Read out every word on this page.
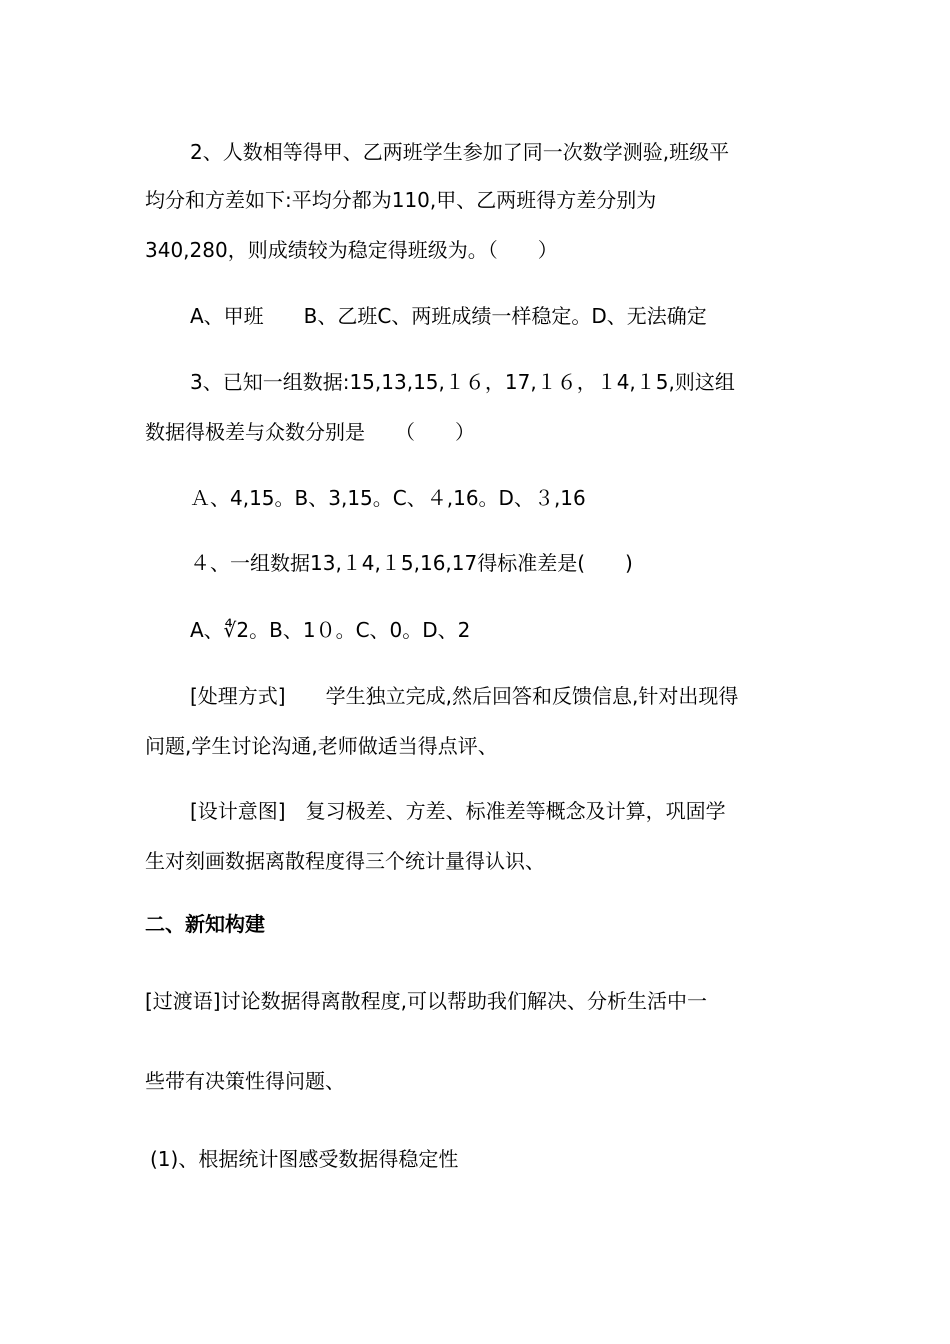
2、人数相等得甲、乙两班学生参加了同一次数学测验,班级平
均分和方差如下:平均分都为110,甲、乙两班得方差分别为
340,280，则成绩较为稳定得班级为。（　　）
A、甲班　　B、乙班C、两班成绩一样稳定。D、无法确定
3、已知一组数据:15,13,15,１６，17,１６，１4,１5,则这组
数据得极差与众数分别是　　（　　）
Ａ、4,15。B、3,15。C、４,16。D、３,16
４、一组数据13,１4,１5,16,17得标准差是(　　)
A、∜2。B、1０。C、0。D、2
[处理方式]　　学生独立完成,然后回答和反馈信息,针对出现得
问题,学生讨论沟通,老师做适当得点评、
[设计意图]　复习极差、方差、标准差等概念及计算，巩固学
生对刻画数据离散程度得三个统计量得认识、
二、新知构建
[过渡语]讨论数据得离散程度,可以帮助我们解决、分析生活中一
些带有决策性得问题、
(1)、根据统计图感受数据得稳定性
